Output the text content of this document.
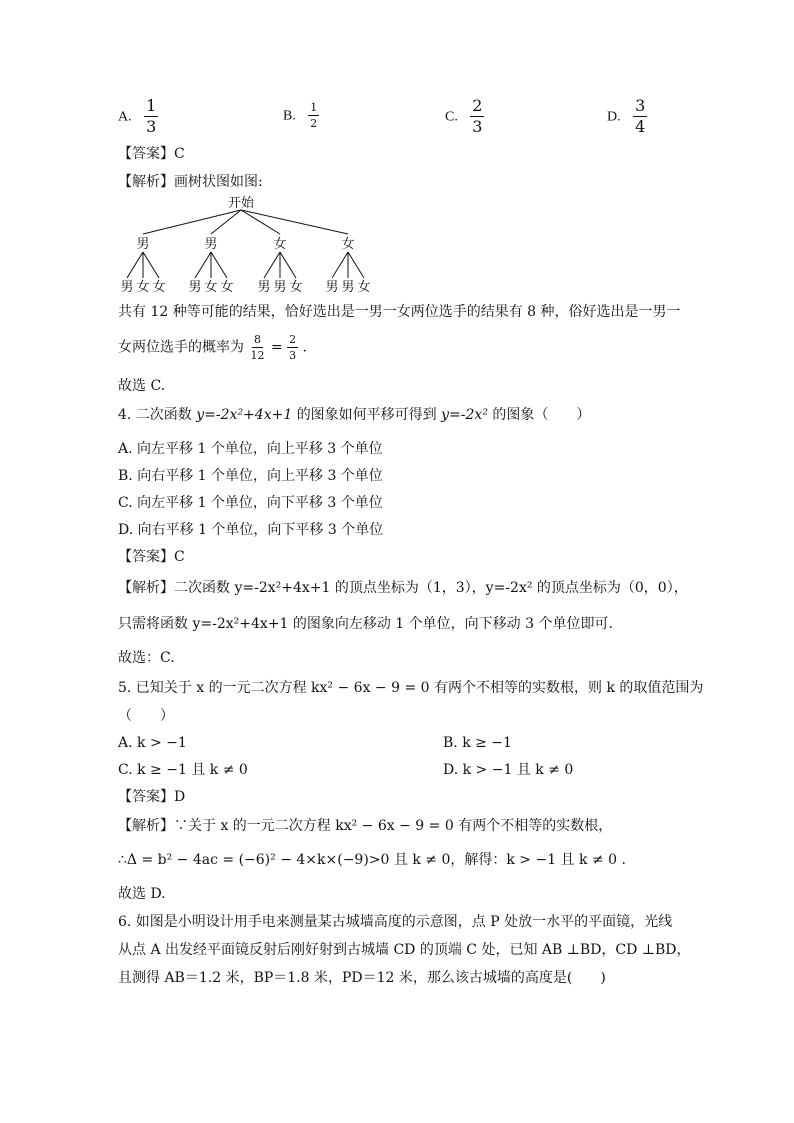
A. $\frac{1}{3}$	B. $\frac{1}{2}$	C. $\frac{2}{3}$	D. $\frac{3}{4}$
【答案】C
【解析】画树状图如图:
开始
男	男	女	女
男 女 女 男 女 女 男 男 女 男 男 女
共有 12 种等可能的结果，恰好选出是一男一女两位选手的结果有 8 种，俗好选出是一男一
女两位选手的概率为 $\frac{8}{12} = \frac{2}{3}$ .
故选 C.
4. 二次函数 y=-2x²+4x+1 的图象如何平移可得到 y=-2x² 的图象（　　）
A. 向左平移 1 个单位，向上平移 3 个单位
B. 向右平移 1 个单位，向上平移 3 个单位
C. 向左平移 1 个单位，向下平移 3 个单位
D. 向右平移 1 个单位，向下平移 3 个单位
【答案】C
【解析】二次函数 y=-2x²+4x+1 的顶点坐标为（1，3），y=-2x² 的顶点坐标为（0，0），
只需将函数 y=-2x²+4x+1 的图象向左移动 1 个单位，向下移动 3 个单位即可.
故选：C.
5. 已知关于 x 的一元二次方程 kx² − 6x − 9 = 0 有两个不相等的实数根，则 k 的取值范围为
（　　）
A. k > −1	B. k ≥ −1
C. k ≥ −1 且 k ≠ 0	D. k > −1 且 k ≠ 0
【答案】D
【解析】∵关于 x 的一元二次方程 kx² − 6x − 9 = 0 有两个不相等的实数根，
∴Δ = b² − 4ac = (−6)² − 4×k×(−9)>0 且 k ≠ 0，解得：k > −1 且 k ≠ 0 .
故选 D.
6. 如图是小明设计用手电来测量某古城墙高度的示意图，点 P 处放一水平的平面镜，光线
从点 A 出发经平面镜反射后刚好射到古城墙 CD 的顶端 C 处，已知 AB ⊥BD，CD ⊥BD，
且测得 AB＝1.2 米，BP＝1.8 米，PD＝12 米，那么该古城墙的高度是(　　)
